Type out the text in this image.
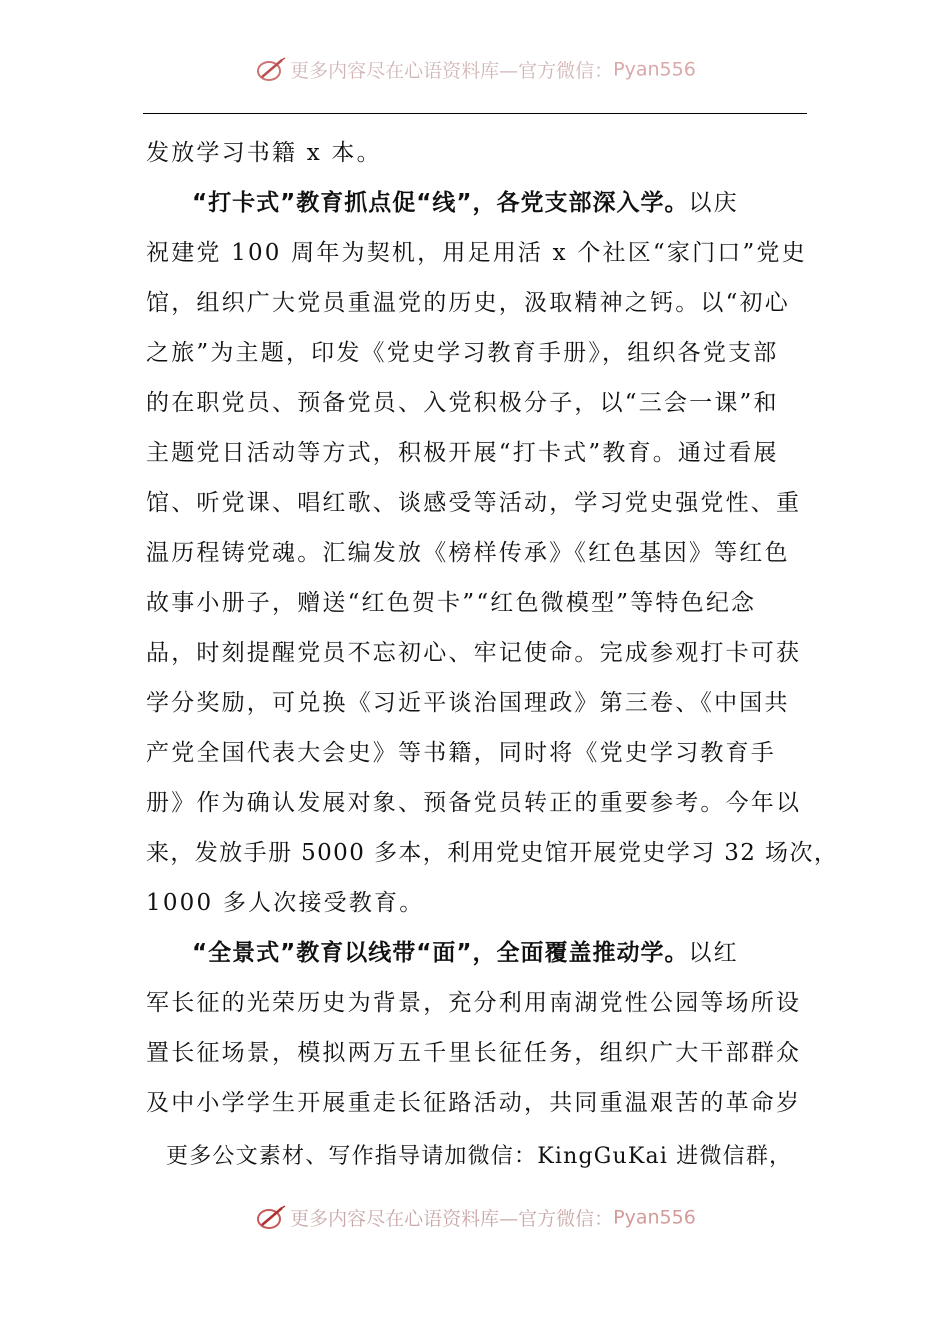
更多内容尽在心语资料库—官方微信：Pyan556
发放学习书籍 x 本。
“打卡式”教育抓点促“线”，各党支部深入学。以庆
祝建党 100 周年为契机，用足用活 x 个社区“家门口”党史
馆，组织广大党员重温党的历史，汲取精神之钙。以“初心
之旅”为主题，印发《党史学习教育手册》，组织各党支部
的在职党员、预备党员、入党积极分子，以“三会一课”和
主题党日活动等方式，积极开展“打卡式”教育。通过看展
馆、听党课、唱红歌、谈感受等活动，学习党史强党性、重
温历程铸党魂。汇编发放《榜样传承》《红色基因》等红色
故事小册子，赠送“红色贺卡”“红色微模型”等特色纪念
品，时刻提醒党员不忘初心、牢记使命。完成参观打卡可获
学分奖励，可兑换《习近平谈治国理政》第三卷、《中国共
产党全国代表大会史》等书籍，同时将《党史学习教育手
册》作为确认发展对象、预备党员转正的重要参考。今年以
来，发放手册 5000 多本，利用党史馆开展党史学习 32 场次，
1000 多人次接受教育。
“全景式”教育以线带“面”，全面覆盖推动学。以红
军长征的光荣历史为背景，充分利用南湖党性公园等场所设
置长征场景，模拟两万五千里长征任务，组织广大干部群众
及中小学学生开展重走长征路活动，共同重温艰苦的革命岁
更多公文素材、写作指导请加微信：KingGuKai 进微信群，
更多内容尽在心语资料库—官方微信：Pyan556
